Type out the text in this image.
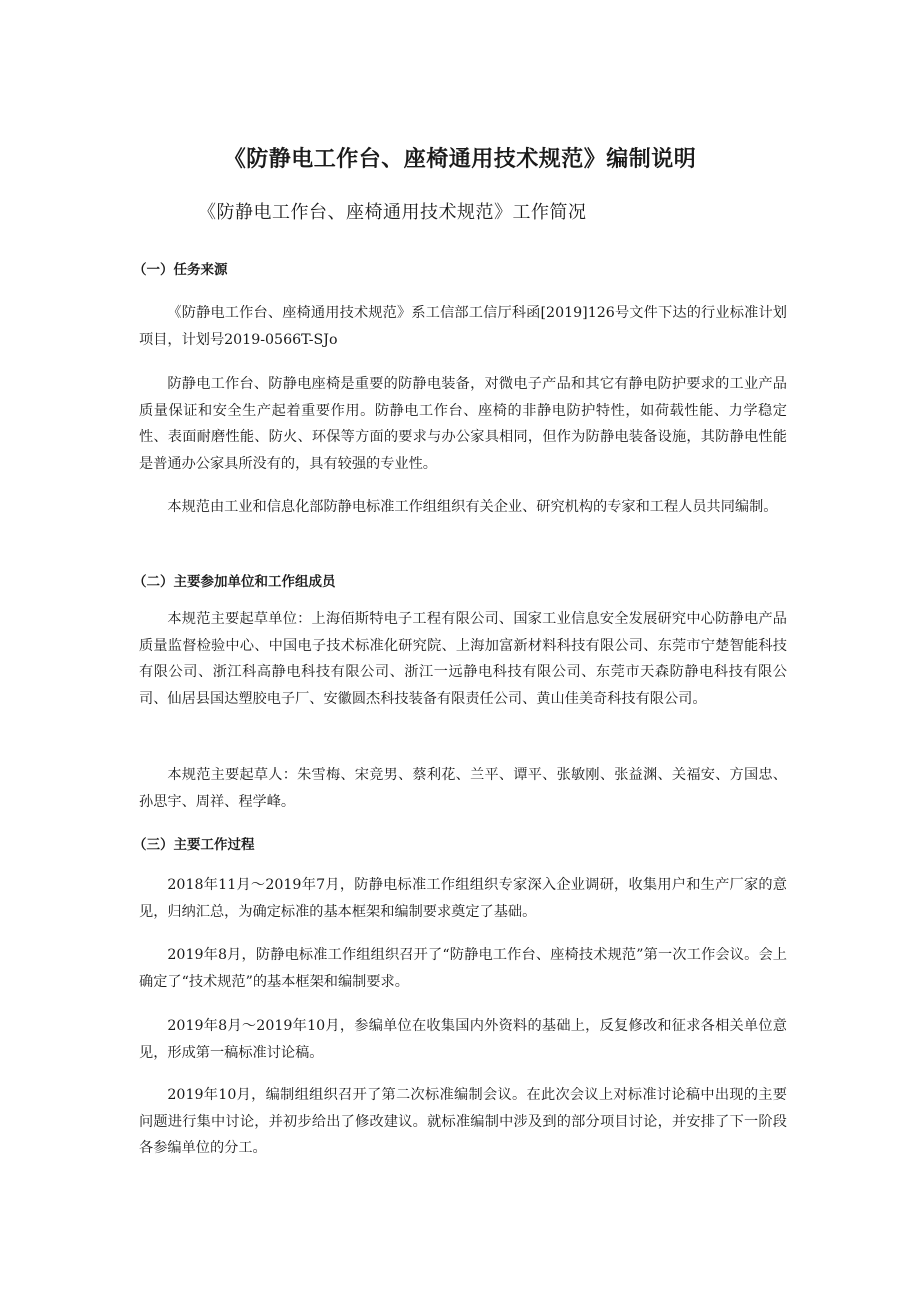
《防静电工作台、座椅通用技术规范》编制说明

《防静电工作台、座椅通用技术规范》工作简况

（一）任务来源

《防静电工作台、座椅通用技术规范》系工信部工信厅科函[2019]126号文件下达的行业标准计划项目，计划号2019-0566T-SJo

防静电工作台、防静电座椅是重要的防静电装备，对微电子产品和其它有静电防护要求的工业产品质量保证和安全生产起着重要作用。防静电工作台、座椅的非静电防护特性，如荷载性能、力学稳定性、表面耐磨性能、防火、环保等方面的要求与办公家具相同，但作为防静电装备设施，其防静电性能是普通办公家具所没有的，具有较强的专业性。

本规范由工业和信息化部防静电标准工作组组织有关企业、研究机构的专家和工程人员共同编制。

（二）主要参加单位和工作组成员

本规范主要起草单位：上海佰斯特电子工程有限公司、国家工业信息安全发展研究中心防静电产品质量监督检验中心、中国电子技术标准化研究院、上海加富新材料科技有限公司、东莞市宁楚智能科技有限公司、浙江科高静电科技有限公司、浙江一远静电科技有限公司、东莞市天森防静电科技有限公司、仙居县国达塑胶电子厂、安徽圆杰科技装备有限责任公司、黄山佳美奇科技有限公司。

本规范主要起草人：朱雪梅、宋竞男、蔡利花、兰平、谭平、张敏刚、张益渊、关福安、方国忠、孙思宇、周祥、程学峰。

（三）主要工作过程

2018年11月～2019年7月，防静电标准工作组组织专家深入企业调研，收集用户和生产厂家的意见，归纳汇总，为确定标准的基本框架和编制要求奠定了基础。

2019年8月，防静电标准工作组组织召开了“防静电工作台、座椅技术规范”第一次工作会议。会上确定了“技术规范”的基本框架和编制要求。

2019年8月～2019年10月，参编单位在收集国内外资料的基础上，反复修改和征求各相关单位意见，形成第一稿标准讨论稿。

2019年10月，编制组组织召开了第二次标准编制会议。在此次会议上对标准讨论稿中出现的主要问题进行集中讨论，并初步给出了修改建议。就标准编制中涉及到的部分项目讨论，并安排了下一阶段各参编单位的分工。
